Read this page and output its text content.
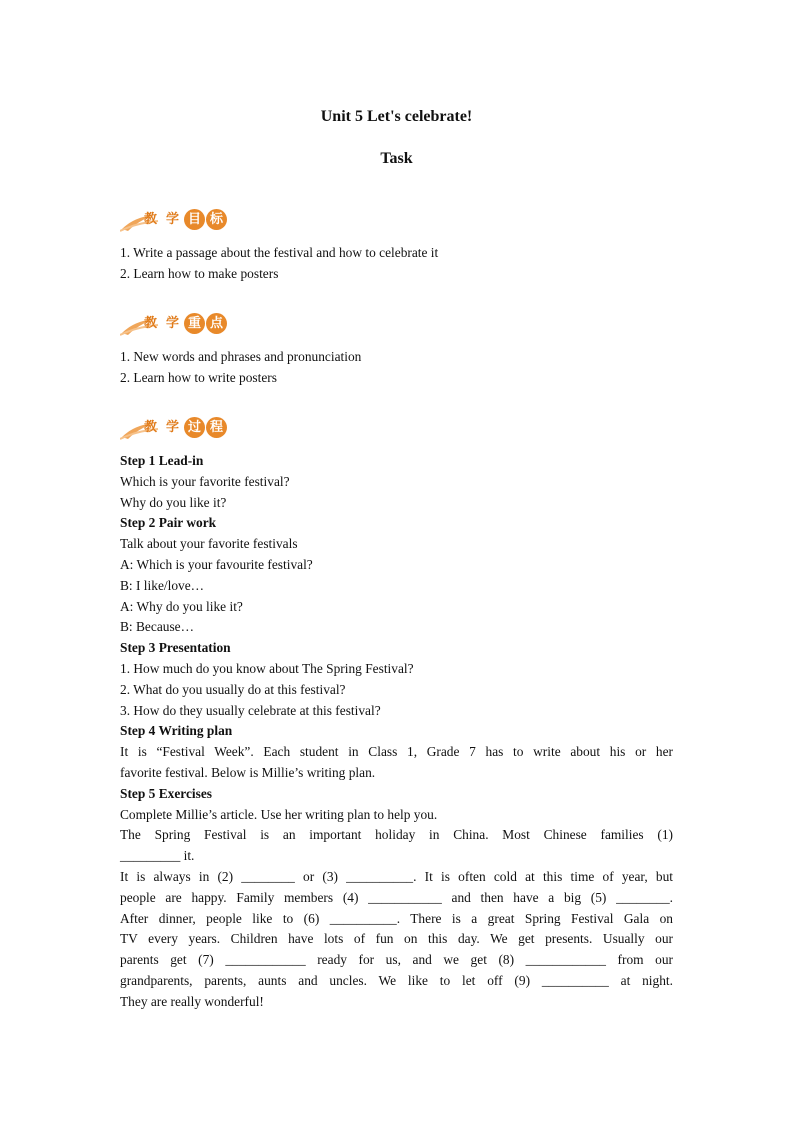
Unit 5 Let's celebrate!
Task
教 学 目 标

1. Write a passage about the festival and how to celebrate it

2. Learn how to make posters

教 学 重 点

1. New words and phrases and pronunciation

2. Learn how to write posters

教 学 过 程

Step 1 Lead-in

Which is your favorite festival?

Why do you like it?

Step 2 Pair work

Talk about your favorite festivals

A: Which is your favourite festival?

B: I like/love…

A: Why do you like it?

B: Because…

Step 3 Presentation

1. How much do you know about The Spring Festival?

2. What do you usually do at this festival?

3. How do they usually celebrate at this festival?

Step 4 Writing plan

It is “Festival Week”. Each student in Class 1, Grade 7 has to write about his or her

favorite festival. Below is Millie’s writing plan.

Step 5 Exercises

Complete Millie’s article. Use her writing plan to help you.

The Spring Festival is an important holiday in China. Most Chinese families (1)

_________ it.

It is always in (2) ________ or (3) __________. It is often cold at this time of year, but

people are happy. Family members (4) ___________ and then have a big (5) ________.

After dinner, people like to (6) __________. There is a great Spring Festival Gala on

TV every years. Children have lots of fun on this day. We get presents. Usually our

parents get (7) ____________ ready for us, and we get (8) ____________ from our

grandparents, parents, aunts and uncles. We like to let off (9) __________ at night.

They are really wonderful!
